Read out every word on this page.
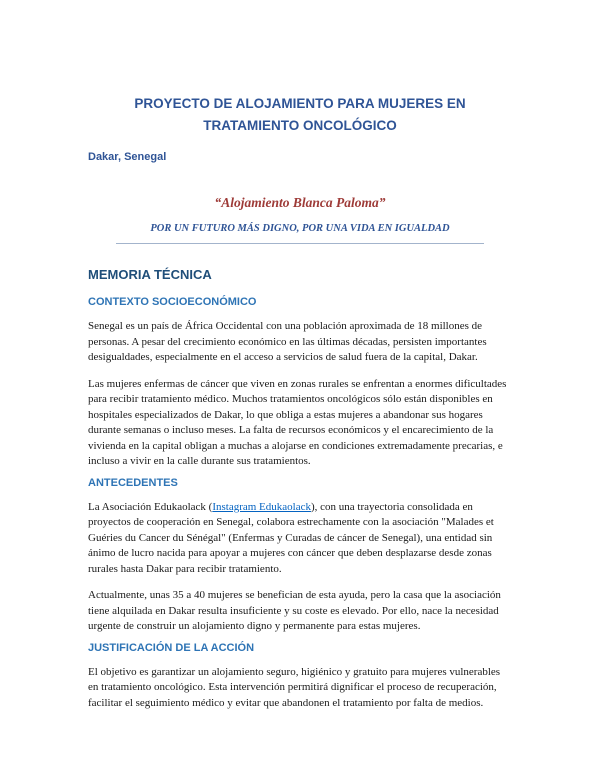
PROYECTO DE ALOJAMIENTO PARA MUJERES EN TRATAMIENTO ONCOLÓGICO
Dakar, Senegal
“Alojamiento Blanca Paloma”
POR UN FUTURO MÁS DIGNO, POR UNA VIDA EN IGUALDAD
MEMORIA TÉCNICA
CONTEXTO SOCIOECONÓMICO

Senegal es un país de África Occidental con una población aproximada de 18 millones de personas. A pesar del crecimiento económico en las últimas décadas, persisten importantes desigualdades, especialmente en el acceso a servicios de salud fuera de la capital, Dakar.

Las mujeres enfermas de cáncer que viven en zonas rurales se enfrentan a enormes dificultades para recibir tratamiento médico. Muchos tratamientos oncológicos sólo están disponibles en hospitales especializados de Dakar, lo que obliga a estas mujeres a abandonar sus hogares durante semanas o incluso meses. La falta de recursos económicos y el encarecimiento de la vivienda en la capital obligan a muchas a alojarse en condiciones extremadamente precarias, e incluso a vivir en la calle durante sus tratamientos.

ANTECEDENTES

La Asociación Edukaolack (Instagram Edukaolack), con una trayectoria consolidada en proyectos de cooperación en Senegal, colabora estrechamente con la asociación "Malades et Guéries du Cancer du Sénégal" (Enfermas y Curadas de cáncer de Senegal), una entidad sin ánimo de lucro nacida para apoyar a mujeres con cáncer que deben desplazarse desde zonas rurales hasta Dakar para recibir tratamiento.

Actualmente, unas 35 a 40 mujeres se benefician de esta ayuda, pero la casa que la asociación tiene alquilada en Dakar resulta insuficiente y su coste es elevado. Por ello, nace la necesidad urgente de construir un alojamiento digno y permanente para estas mujeres.

JUSTIFICACIÓN DE LA ACCIÓN

El objetivo es garantizar un alojamiento seguro, higiénico y gratuito para mujeres vulnerables en tratamiento oncológico. Esta intervención permitirá dignificar el proceso de recuperación, facilitar el seguimiento médico y evitar que abandonen el tratamiento por falta de medios.
